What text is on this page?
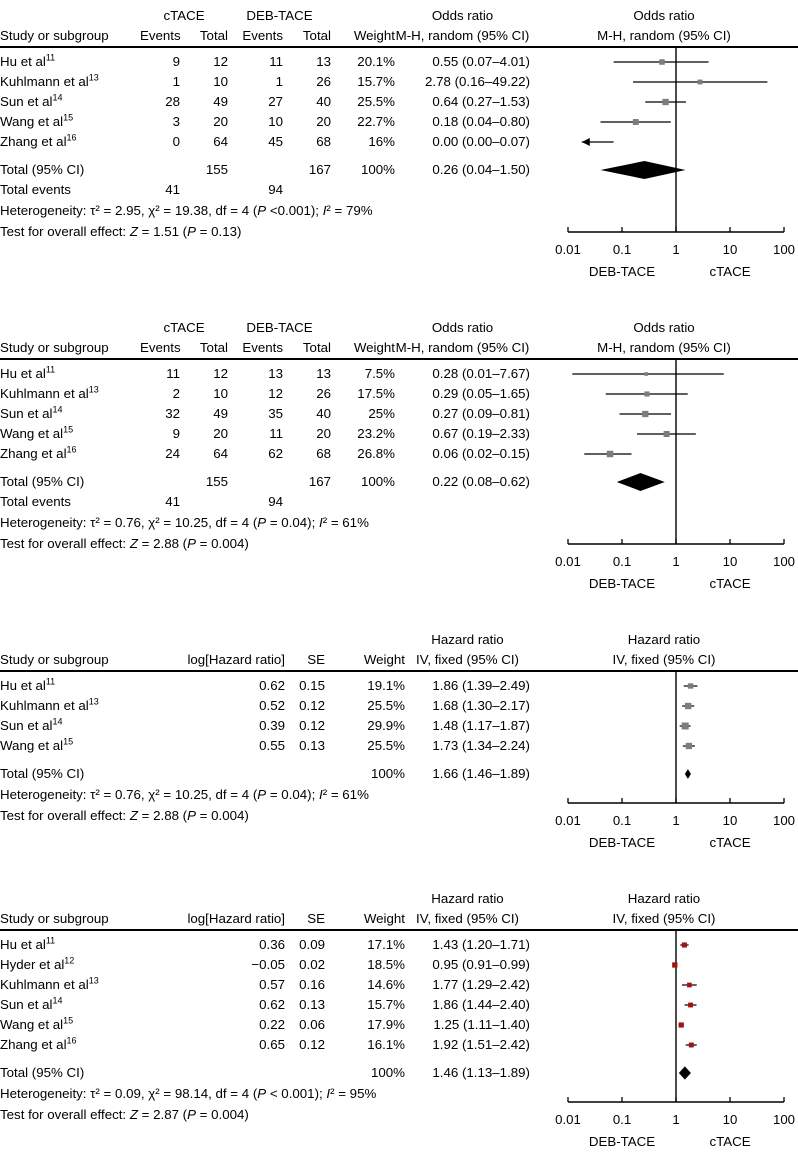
cTACE	DEB-TACE	Odds ratio
Study or subgroup	Events	Total	Events	Total	Weight M-H, random (95% CI)
Odds ratio
M-H, random (95% CI)
Hu et $al^{11}$	9	12	11	13	20.1%	0.55 (0.07–4.01)
Kuhlmann et $al^{13}$	1	10	1	26	15.7%	2.78 (0.16–49.22)
Sun et $al^{14}$	28	49	27	40	25.5%	0.64 (0.27–1.53)
Wang et $al^{15}$	3	20	10	20	22.7%	0.18 (0.04–0.80)
Zhang et $al^{16}$	0	64	45	68	16%	0.00 (0.00–0.07)
Total (95% CI)	155	167	100%	0.26 (0.04–1.50)
Total events	41	94
Heterogeneity: τ² = 2.95, χ² = 19.38, df = 4 (P <0.001); I² = 79%
Test for overall effect: Z = 1.51 (P = 0.13)
0.01 0.1	1	10	100
DEB-TACE	cTACE
cTACE	DEB-TACE	Odds ratio
Study or subgroup	Events	Total	Events	Total	Weight M-H, random (95% CI)
Odds ratio
M-H, random (95% CI)
Hu et $al^{11}$	11	12	13	13	7.5%	0.28 (0.01–7.67)
Kuhlmann et $al^{13}$	2	10	12	26	17.5%	0.29 (0.05–1.65)
Sun et $al^{14}$	32	49	35	40	25%	0.27 (0.09–0.81)
Wang et $al^{15}$	9	20	11	20	23.2%	0.67 (0.19–2.33)
Zhang et $al^{16}$	24	64	62	68	26.8%	0.06 (0.02–0.15)
Total (95% CI)	155	167	100%	0.22 (0.08–0.62)
Total events	41	94
Heterogeneity: τ² = 0.76, χ² = 10.25, df = 4 (P = 0.04); I² = 61%
Test for overall effect: Z = 2.88 (P = 0.004)
0.01 0.1	1	10	100
DEB-TACE	cTACE
Hazard ratio
Study or subgroup	log[Hazard ratio]	SE	Weight IV, fixed (95% CI)
Hazard ratio
IV, fixed (95% CI)
Hu et $al^{11}$	0.62	0.15	19.1%	1.86 (1.39–2.49)
Kuhlmann et $al^{13}$	0.52	0.12	25.5%	1.68 (1.30–2.17)
Sun et $al^{14}$	0.39	0.12	29.9%	1.48 (1.17–1.87)
Wang et $al^{15}$	0.55	0.13	25.5%	1.73 (1.34–2.24)
Total (95% CI)	100%	1.66 (1.46–1.89)
Heterogeneity: τ² = 0.76, χ² = 10.25, df = 4 (P = 0.04); I² = 61%
Test for overall effect: Z = 2.88 (P = 0.004)	0.01 0.1	1	10	100
DEB-TACE	cTACE
Hazard ratio
Study or subgroup	log[Hazard ratio]	SE	Weight IV, fixed (95% CI)
Hazard ratio
IV, fixed (95% CI)
Hu et $al^{11}$	0.36	0.09	17.1%	1.43 (1.20–1.71)
Hyder et $al^{12}$	−0.05	0.02	18.5%	0.95 (0.91–0.99)
Kuhlmann et $al^{13}$	0.57	0.16	14.6%	1.77 (1.29–2.42)
Sun et $al^{14}$	0.62	0.13	15.7%	1.86 (1.44–2.40)
Wang et $al^{15}$	0.22	0.06	17.9%	1.25 (1.11–1.40)
Zhang et $al^{16}$	0.65	0.12	16.1%	1.92 (1.51–2.42)
Total (95% CI)	100%	1.46 (1.13–1.89)
Heterogeneity: τ² = 0.09, χ² = 98.14, df = 4 (P < 0.001); I² = 95%
Test for overall effect: Z = 2.87 (P = 0.004)	0.01 0.1	1	10	100
DEB-TACE	cTACE
